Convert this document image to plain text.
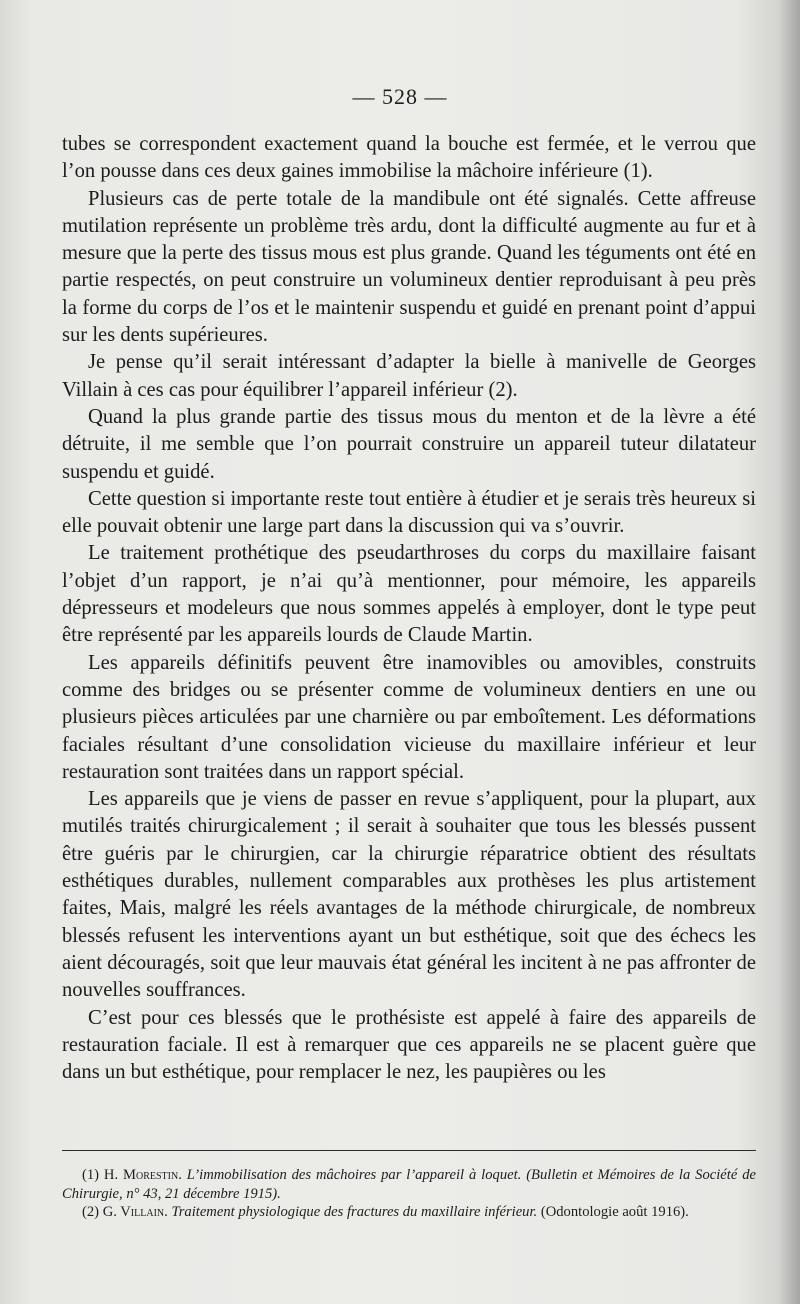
— 528 —

tubes se correspondent exactement quand la bouche est fermée, et le verrou que l’on pousse dans ces deux gaines immobilise la mâchoire inférieure (1).

Plusieurs cas de perte totale de la mandibule ont été signalés. Cette affreuse mutilation représente un problème très ardu, dont la difficulté augmente au fur et à mesure que la perte des tissus mous est plus grande. Quand les téguments ont été en partie respectés, on peut construire un volumineux dentier reproduisant à peu près la forme du corps de l’os et le maintenir suspendu et guidé en prenant point d’appui sur les dents supérieures.

Je pense qu’il serait intéressant d’adapter la bielle à manivelle de Georges Villain à ces cas pour équilibrer l’appareil inférieur (2).

Quand la plus grande partie des tissus mous du menton et de la lèvre a été détruite, il me semble que l’on pourrait construire un appareil tuteur dilatateur suspendu et guidé.

Cette question si importante reste tout entière à étudier et je serais très heureux si elle pouvait obtenir une large part dans la discussion qui va s’ouvrir.

Le traitement prothétique des pseudarthroses du corps du maxillaire faisant l’objet d’un rapport, je n’ai qu’à mentionner, pour mémoire, les appareils dépresseurs et modeleurs que nous sommes appelés à employer, dont le type peut être représenté par les appareils lourds de Claude Martin.

Les appareils définitifs peuvent être inamovibles ou amovibles, construits comme des bridges ou se présenter comme de volumineux dentiers en une ou plusieurs pièces articulées par une charnière ou par emboîtement. Les déformations faciales résultant d’une consolidation vicieuse du maxillaire inférieur et leur restauration sont traitées dans un rapport spécial.

Les appareils que je viens de passer en revue s’appliquent, pour la plupart, aux mutilés traités chirurgicalement ; il serait à souhaiter que tous les blessés pussent être guéris par le chirurgien, car la chirurgie réparatrice obtient des résultats esthétiques durables, nullement comparables aux prothèses les plus artistement faites, Mais, malgré les réels avantages de la méthode chirurgicale, de nombreux blessés refusent les interventions ayant un but esthétique, soit que des échecs les aient découragés, soit que leur mauvais état général les incitent à ne pas affronter de nouvelles souffrances.

C’est pour ces blessés que le prothésiste est appelé à faire des appareils de restauration faciale. Il est à remarquer que ces appareils ne se placent guère que dans un but esthétique, pour remplacer le nez, les paupières ou les

(1) H. Morestin. L’immobilisation des mâchoires par l’appareil à loquet. (Bulletin et Mémoires de la Société de Chirurgie, n° 43, 21 décembre 1915).

(2) G. Villain. Traitement physiologique des fractures du maxillaire inférieur. (Odontologie août 1916).
